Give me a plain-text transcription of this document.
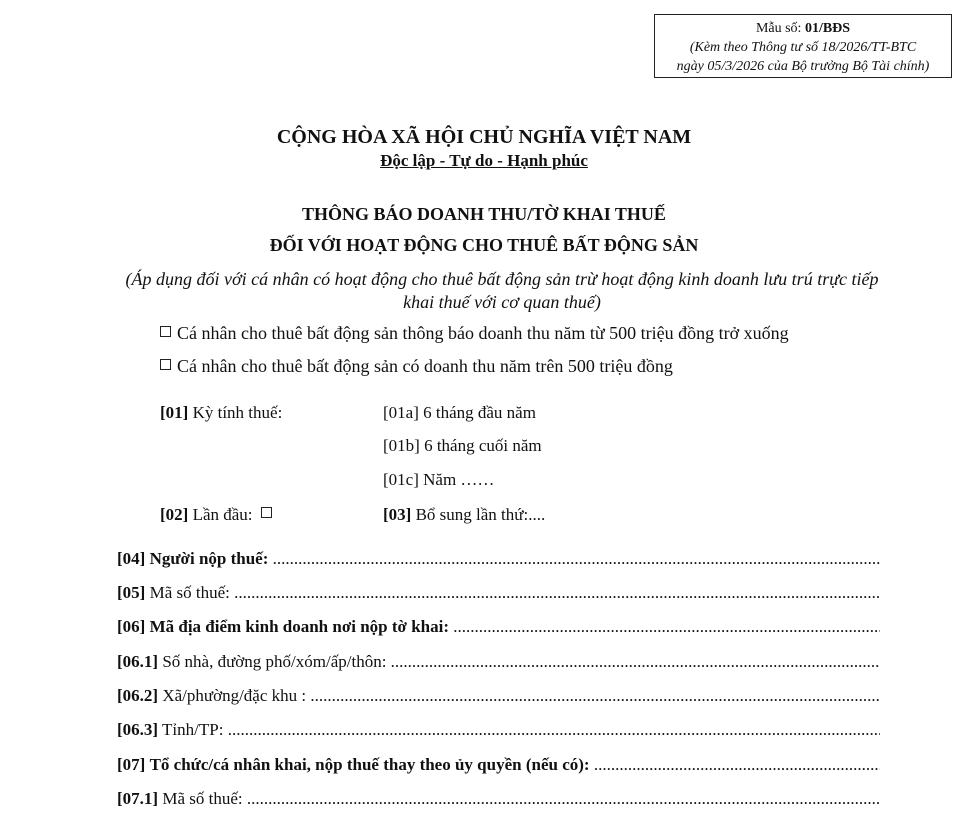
Mẫu số: 01/BĐS
(Kèm theo Thông tư số 18/2026/TT-BTC
ngày 05/3/2026 của Bộ trưởng Bộ Tài chính)
CỘNG HÒA XÃ HỘI CHỦ NGHĨA VIỆT NAM
Độc lập - Tự do - Hạnh phúc
THÔNG BÁO DOANH THU/TỜ KHAI THUẾ
ĐỐI VỚI HOẠT ĐỘNG CHO THUÊ BẤT ĐỘNG SẢN
(Áp dụng đối với cá nhân có hoạt động cho thuê bất động sản trừ hoạt động kinh doanh lưu trú trực tiếp khai thuế với cơ quan thuế)
Cá nhân cho thuê bất động sản thông báo doanh thu năm từ 500 triệu đồng trở xuống
Cá nhân cho thuê bất động sản có doanh thu năm trên 500 triệu đồng
[01] Kỳ tính thuế:	[01a] 6 tháng đầu năm
[01b] 6 tháng cuối năm
[01c] Năm ……
[02] Lần đầu:	[03] Bổ sung lần thứ:....
[04] Người nộp thuế: .....
[05] Mã số thuế: .....
[06] Mã địa điểm kinh doanh nơi nộp tờ khai: .....
[06.1] Số nhà, đường phố/xóm/ấp/thôn: .....
[06.2] Xã/phường/đặc khu : .....
[06.3] Tỉnh/TP: .....
[07] Tổ chức/cá nhân khai, nộp thuế thay theo ủy quyền (nếu có): .....
[07.1] Mã số thuế: .....
